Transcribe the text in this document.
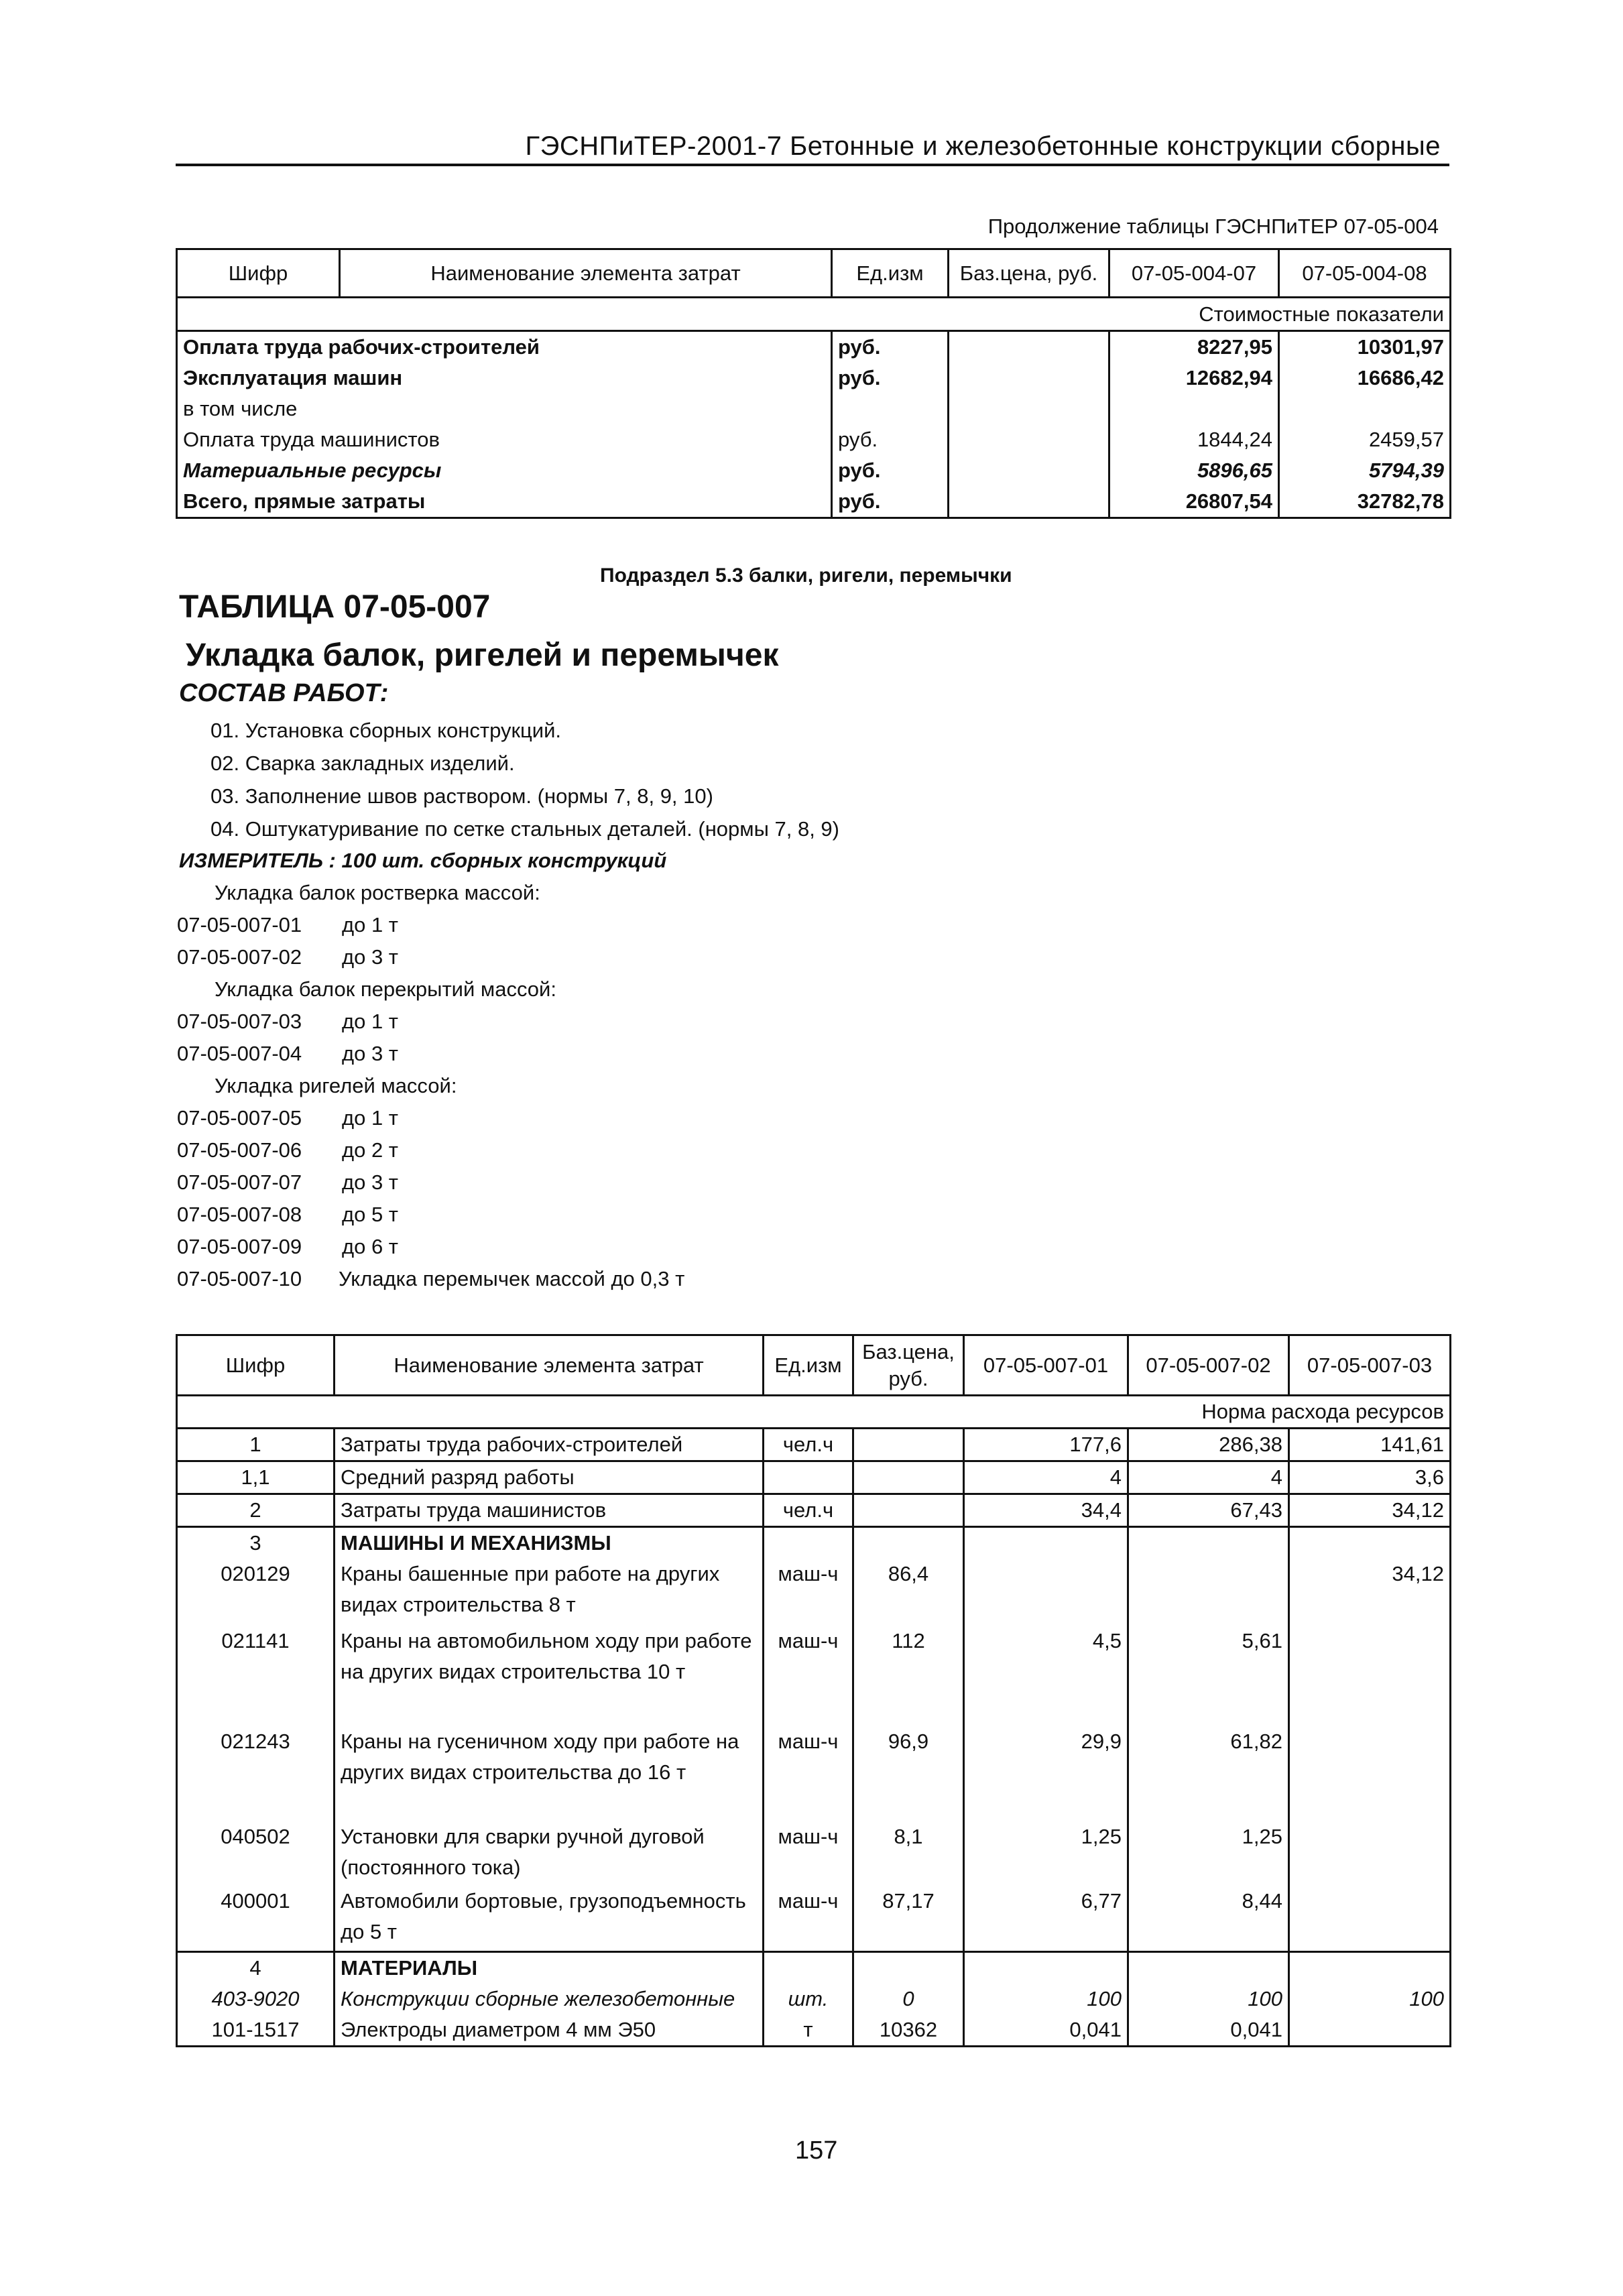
ГЭСНПиТЕР-2001-7 Бетонные и железобетонные конструкции сборные
Продолжение таблицы ГЭСНПиТЕР 07-05-004
Шифр	Наименование элемента затрат	Ед.изм	Баз.цена, руб.	07-05-004-07	07-05-004-08
Стоимостные показатели					
Оплата труда рабочих-строителей		руб.		8227,95	10301,97
Эксплуатация машин		руб.		12682,94	16686,42
в том числе					
Оплата труда машинистов		руб.		1844,24	2459,57
Материальные ресурсы		руб.		5896,65	5794,39
Всего, прямые затраты		руб.		26807,54	32782,78
Подраздел 5.3 балки, ригели, перемычки
ТАБЛИЦА 07-05-007
Укладка балок, ригелей и перемычек
СОСТАВ РАБОТ:
01. Установка сборных конструкций.
02. Сварка закладных изделий.
03. Заполнение швов раствором. (нормы 7, 8, 9, 10)
04. Оштукатуривание по сетке стальных деталей. (нормы 7, 8, 9)
ИЗМЕРИТЕЛЬ : 100 шт. сборных конструкций
Укладка балок ростверка массой:
07-05-007-01 до 1 т
07-05-007-02 до 3 т
Укладка балок перекрытий массой:
07-05-007-03 до 1 т
07-05-007-04 до 3 т
Укладка ригелей массой:
07-05-007-05 до 1 т
07-05-007-06 до 2 т
07-05-007-07 до 3 т
07-05-007-08 до 5 т
07-05-007-09 до 6 т
07-05-007-10 Укладка перемычек массой до 0,3 т
Шифр	Наименование элемента затрат	Ед.изм	Баз.цена, руб.	07-05-007-01	07-05-007-02	07-05-007-03
Норма расхода ресурсов						
1	Затраты труда рабочих-строителей	чел.ч		177,6	286,38	141,61
1,1	Средний разряд работы			4	4	3,6
2	Затраты труда машинистов	чел.ч		34,4	67,43	34,12
3	МАШИНЫ И МЕХАНИЗМЫ					
020129	Краны башенные при работе на других видах строительства 8 т	маш-ч	86,4			34,12
021141	Краны на автомобильном ходу при работе на других видах строительства 10 т	маш-ч	112	4,5	5,61	
021243	Краны на гусеничном ходу при работе на других видах строительства до 16 т	маш-ч	96,9	29,9	61,82	
040502	Установки для сварки ручной дуговой (постоянного тока)	маш-ч	8,1	1,25	1,25	
400001	Автомобили бортовые, грузоподъемность до 5 т	маш-ч	87,17	6,77	8,44	
4	МАТЕРИАЛЫ					
403-9020	Конструкции сборные железобетонные	шт.	0	100	100	100
101-1517	Электроды диаметром 4 мм Э50	т	10362	0,041	0,041	
157
